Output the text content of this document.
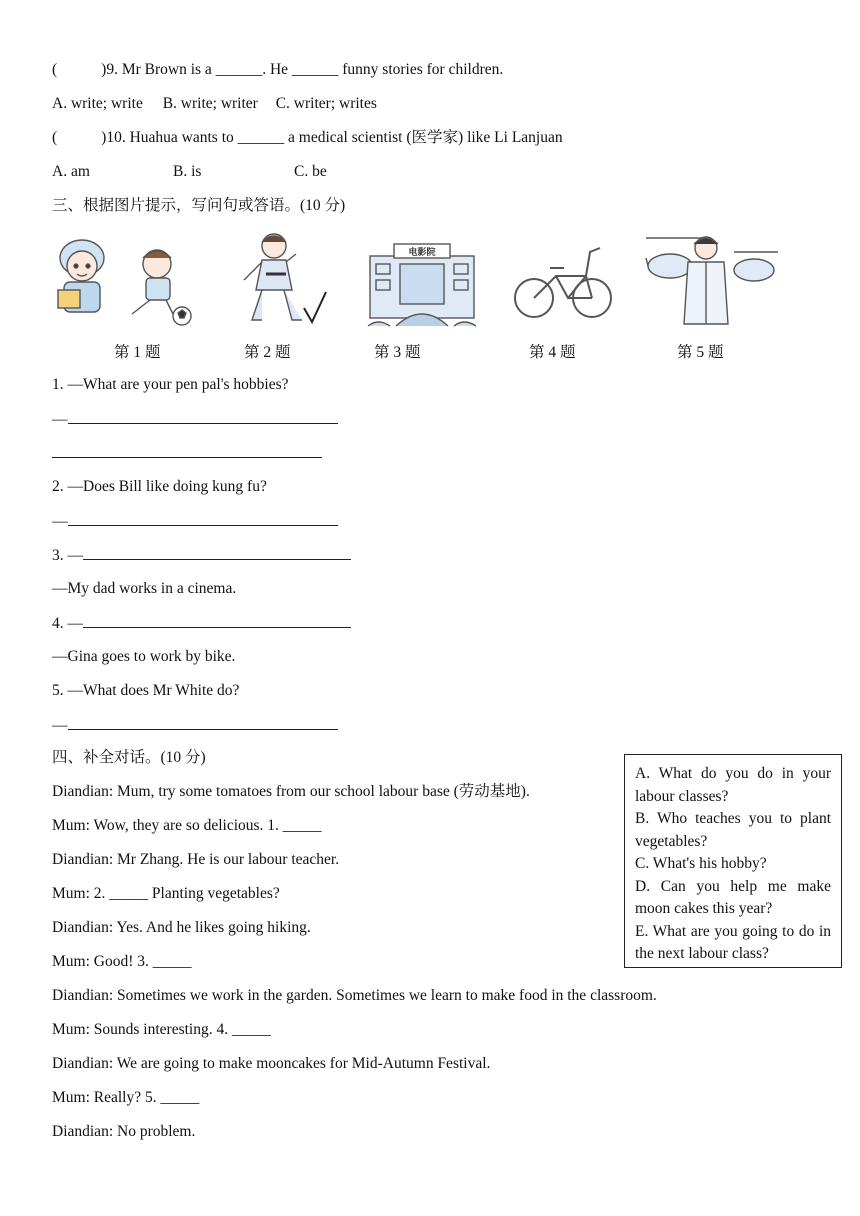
(	)9. Mr Brown is a ______. He ______ funny stories for children.
A. write; write B. write; writer C. writer; writes
(	)10. Huahua wants to ______ a medical scientist (医学家) like Li Lanjuan
A. am	B. is	C. be
三、根据图片提示，写问句或答语。(10 分)
电影院
第 1 题	第 2 题	第 3 题	第 4 题	第 5 题
1. —What are your pen pal's hobbies?
—
2. —Does Bill like doing kung fu?
—
3. —
—My dad works in a cinema.
4. —
—Gina goes to work by bike.
5. —What does Mr White do?
—
四、补全对话。(10 分)
Diandian: Mum, try some tomatoes from our school labour base (劳动基地).
Mum: Wow, they are so delicious. 1. _____
Diandian: Mr Zhang. He is our labour teacher.
Mum: 2. _____ Planting vegetables?
Diandian: Yes. And he likes going hiking.
Mum: Good! 3. _____
Diandian: Sometimes we work in the garden. Sometimes we learn to make food in the classroom.
Mum: Sounds interesting. 4. _____
Diandian: We are going to make mooncakes for Mid-Autumn Festival.
Mum: Really? 5. _____
Diandian: No problem.
A. What do you do in your labour classes?
B. Who teaches you to plant vegetables?
C. What's his hobby?
D. Can you help me make moon cakes this year?
E. What are you going to do in the next labour class?
